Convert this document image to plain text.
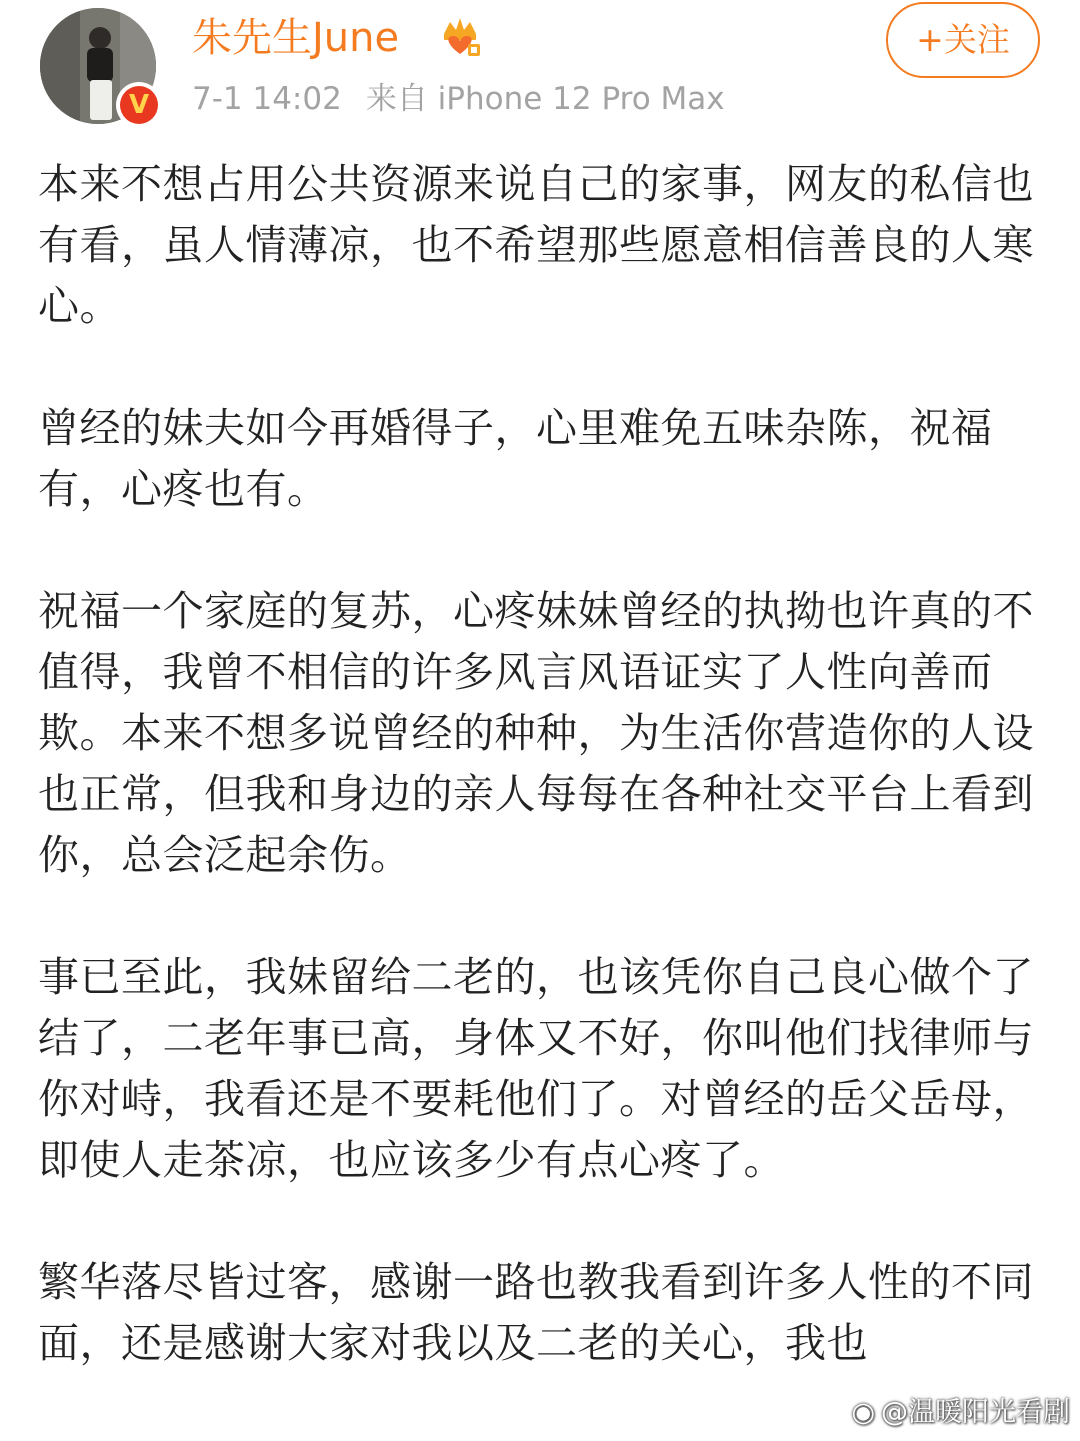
V
朱先生June
7-1 14:02 来自 iPhone 12 Pro Max
+关注

本来不想占用公共资源来说自己的家事，网友的私信也有看，虽人情薄凉，也不希望那些愿意相信善良的人寒心。

曾经的妹夫如今再婚得子，心里难免五味杂陈，祝福有，心疼也有。

祝福一个家庭的复苏，心疼妹妹曾经的执拗也许真的不值得，我曾不相信的许多风言风语证实了人性向善而欺。本来不想多说曾经的种种，为生活你营造你的人设也正常，但我和身边的亲人每每在各种社交平台上看到你，总会泛起余伤。

事已至此，我妹留给二老的，也该凭你自己良心做个了结了，二老年事已高，身体又不好，你叫他们找律师与你对峙，我看还是不要耗他们了。对曾经的岳父岳母，即使人走茶凉，也应该多少有点心疼了。

繁华落尽皆过客，感谢一路也教我看到许多人性的不同面，还是感谢大家对我以及二老的关心，我也

◉ @温暖阳光看剧
